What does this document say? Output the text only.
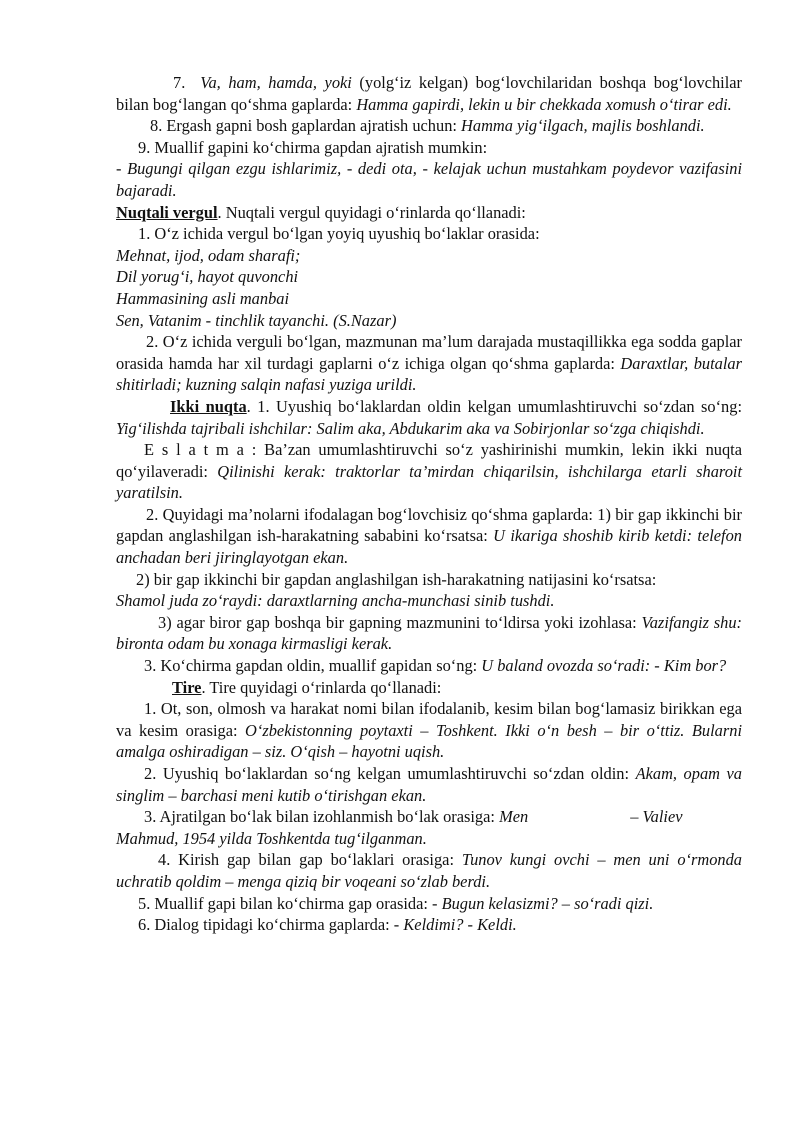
7. Va, ham, hamda, yoki (yolg‘iz kelgan) bog‘lovchilaridan boshqa bog‘lovchilar bilan bog‘langan qo‘shma gaplarda: Hamma gapirdi, lekin u bir chekkada xomush o‘tirar edi.

8. Ergash gapni bosh gaplardan ajratish uchun: Hamma yig‘ilgach, majlis boshlandi.

9. Muallif gapini ko‘chirma gapdan ajratish mumkin:

- Bugungi qilgan ezgu ishlarimiz, - dedi ota, - kelajak uchun mustahkam poydevor vazifasini bajaradi.

Nuqtali vergul. Nuqtali vergul quyidagi o‘rinlarda qo‘llanadi:

1. O‘z ichida vergul bo‘lgan yoyiq uyushiq bo‘laklar orasida:

Mehnat, ijod, odam sharafi;

Dil yorug‘i, hayot quvonchi

Hammasining asli manbai

Sen, Vatanim - tinchlik tayanchi. (S.Nazar)

2. O‘z ichida verguli bo‘lgan, mazmunan ma’lum darajada mustaqillikka ega sodda gaplar orasida hamda har xil turdagi gaplarni o‘z ichiga olgan qo‘shma gaplarda: Daraxtlar, butalar shitirladi; kuzning salqin nafasi yuziga urildi.

Ikki nuqta. 1. Uyushiq bo‘laklardan oldin kelgan umumlashtiruvchi so‘zdan so‘ng: Yig‘ilishda tajribali ishchilar: Salim aka, Abdukarim aka va Sobirjonlar so‘zga chiqishdi.

E s l a t m a : Ba’zan umumlashtiruvchi so‘z yashirinishi mumkin, lekin ikki nuqta qo‘yilaveradi: Qilinishi kerak: traktorlar ta’mirdan chiqarilsin, ishchilarga etarli sharoit yaratilsin.

2. Quyidagi ma’nolarni ifodalagan bog‘lovchisiz qo‘shma gaplarda: 1) bir gap ikkinchi bir gapdan anglashilgan ish-harakatning sababini ko‘rsatsa: U ikariga shoshib kirib ketdi: telefon anchadan beri jiringlayotgan ekan.

2) bir gap ikkinchi bir gapdan anglashilgan ish-harakatning natijasini ko‘rsatsa:

Shamol juda zo‘raydi: daraxtlarning ancha-munchasi sinib tushdi.

3) agar biror gap boshqa bir gapning mazmunini to‘ldirsa yoki izohlasa: Vazifangiz shu: bironta odam bu xonaga kirmasligi kerak.

3. Ko‘chirma gapdan oldin, muallif gapidan so‘ng: U baland ovozda so‘radi: - Kim bor?

Tire. Tire quyidagi o‘rinlarda qo‘llanadi:

1. Ot, son, olmosh va harakat nomi bilan ifodalanib, kesim bilan bog‘lamasiz birikkan ega va kesim orasiga: O‘zbekistonning poytaxti – Toshkent. Ikki o‘n besh – bir o‘ttiz. Bularni amalga oshiradigan – siz. O‘qish – hayotni uqish.

2. Uyushiq bo‘laklardan so‘ng kelgan umumlashtiruvchi so‘zdan oldin: Akam, opam va singlim – barchasi meni kutib o‘tirishgan ekan.

3. Ajratilgan bo‘lak bilan izohlanmish bo‘lak orasiga: Men	– Valiev

Mahmud, 1954 yilda Toshkentda tug‘ilganman.

4. Kirish gap bilan gap bo‘laklari orasiga: Tunov kungi ovchi – men uni o‘rmonda uchratib qoldim – menga qiziq bir voqeani so‘zlab berdi.

5. Muallif gapi bilan ko‘chirma gap orasida: - Bugun kelasizmi? – so‘radi qizi.

6. Dialog tipidagi ko‘chirma gaplarda: - Keldimi? - Keldi.
